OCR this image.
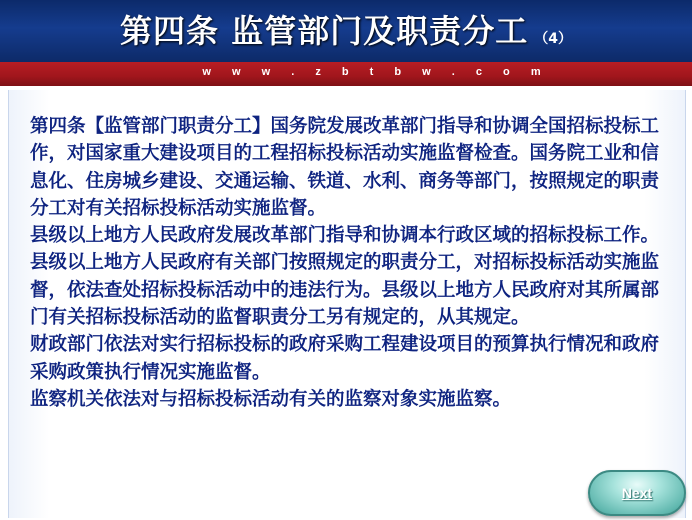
第四条 监管部门及职责分工 （4）
w w w . z b t b w . c o m

第四条【监管部门职责分工】国务院发展改革部门指导和协调全国招标投标工作，对国家重大建设项目的工程招标投标活动实施监督检查。国务院工业和信息化、住房城乡建设、交通运输、铁道、水利、商务等部门，按照规定的职责分工对有关招标投标活动实施监督。

县级以上地方人民政府发展改革部门指导和协调本行政区域的招标投标工作。县级以上地方人民政府有关部门按照规定的职责分工，对招标投标活动实施监督，依法查处招标投标活动中的违法行为。县级以上地方人民政府对其所属部门有关招标投标活动的监督职责分工另有规定的，从其规定。

财政部门依法对实行招标投标的政府采购工程建设项目的预算执行情况和政府采购政策执行情况实施监督。

监察机关依法对与招标投标活动有关的监察对象实施监察。

Next
